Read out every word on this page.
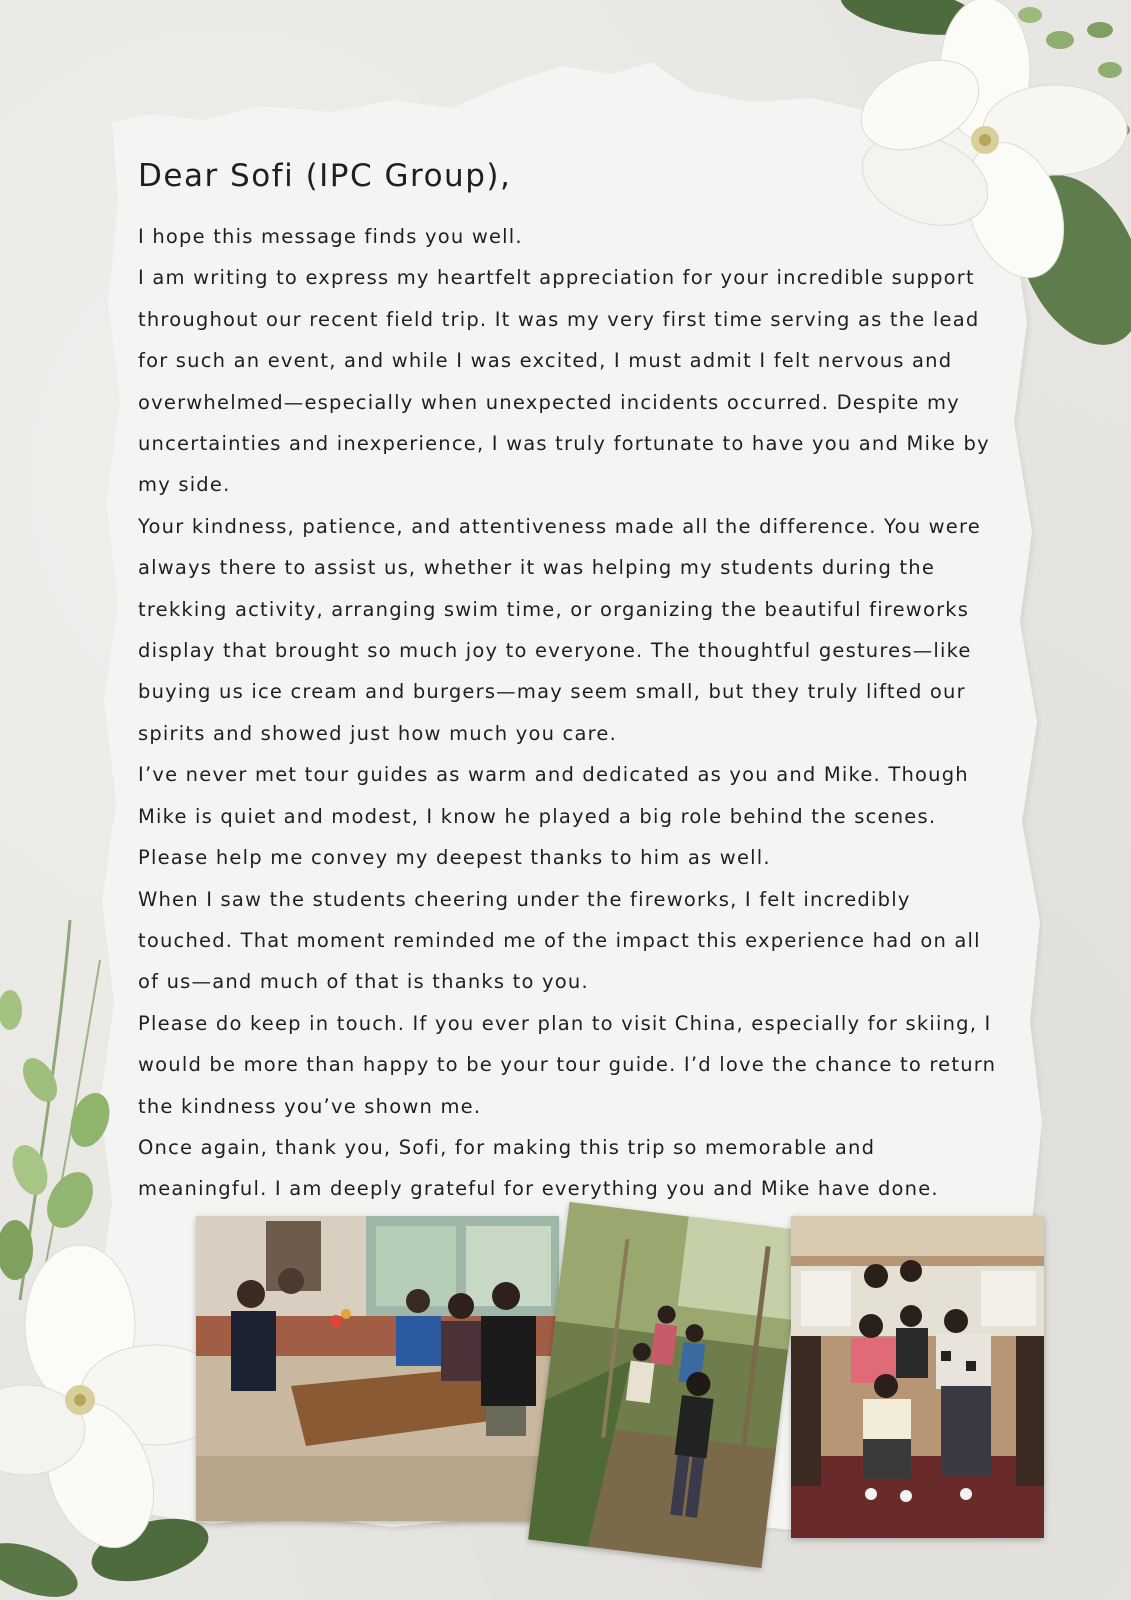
Dear Sofi (IPC Group),

I hope this message finds you well.

I am writing to express my heartfelt appreciation for your incredible support throughout our recent field trip. It was my very first time serving as the lead for such an event, and while I was excited, I must admit I felt nervous and overwhelmed—especially when unexpected incidents occurred. Despite my uncertainties and inexperience, I was truly fortunate to have you and Mike by my side.

Your kindness, patience, and attentiveness made all the difference. You were always there to assist us, whether it was helping my students during the trekking activity, arranging swim time, or organizing the beautiful fireworks display that brought so much joy to everyone. The thoughtful gestures—like buying us ice cream and burgers—may seem small, but they truly lifted our spirits and showed just how much you care.

I’ve never met tour guides as warm and dedicated as you and Mike. Though Mike is quiet and modest, I know he played a big role behind the scenes. Please help me convey my deepest thanks to him as well.

When I saw the students cheering under the fireworks, I felt incredibly touched. That moment reminded me of the impact this experience had on all of us—and much of that is thanks to you.

Please do keep in touch. If you ever plan to visit China, especially for skiing, I would be more than happy to be your tour guide. I’d love the chance to return the kindness you’ve shown me.

Once again, thank you, Sofi, for making this trip so memorable and meaningful. I am deeply grateful for everything you and Mike have done.
